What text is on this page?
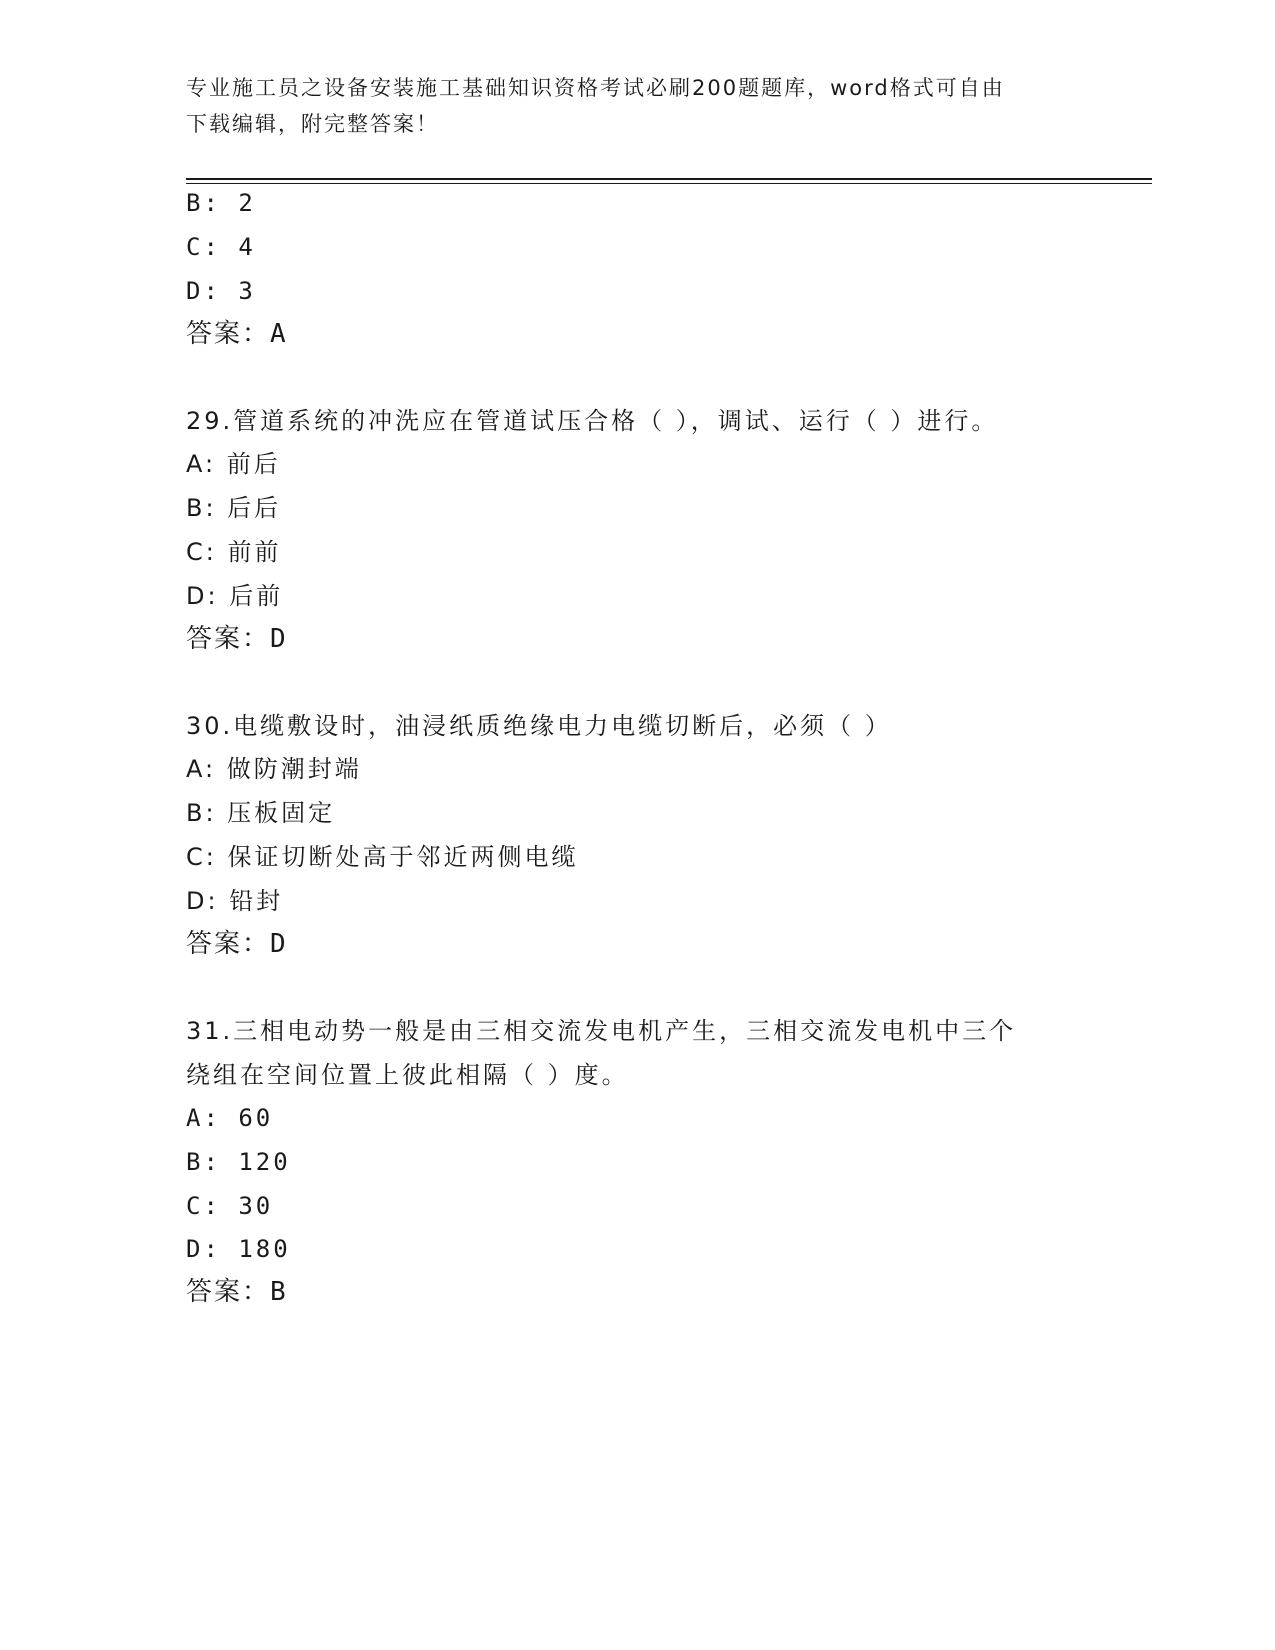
专业施工员之设备安装施工基础知识资格考试必刷200题题库，word格式可自由
下载编辑，附完整答案！
B: 2
C: 4
D: 3
答案：A
29.管道系统的冲洗应在管道试压合格（ ），调试、运行（ ）进行。
A: 前后
B: 后后
C: 前前
D: 后前
答案：D
30.电缆敷设时，油浸纸质绝缘电力电缆切断后，必须（ ）
A: 做防潮封端
B: 压板固定
C: 保证切断处高于邻近两侧电缆
D: 铅封
答案：D
31.三相电动势一般是由三相交流发电机产生，三相交流发电机中三个
绕组在空间位置上彼此相隔（ ）度。
A: 60
B: 120
C: 30
D: 180
答案：B
